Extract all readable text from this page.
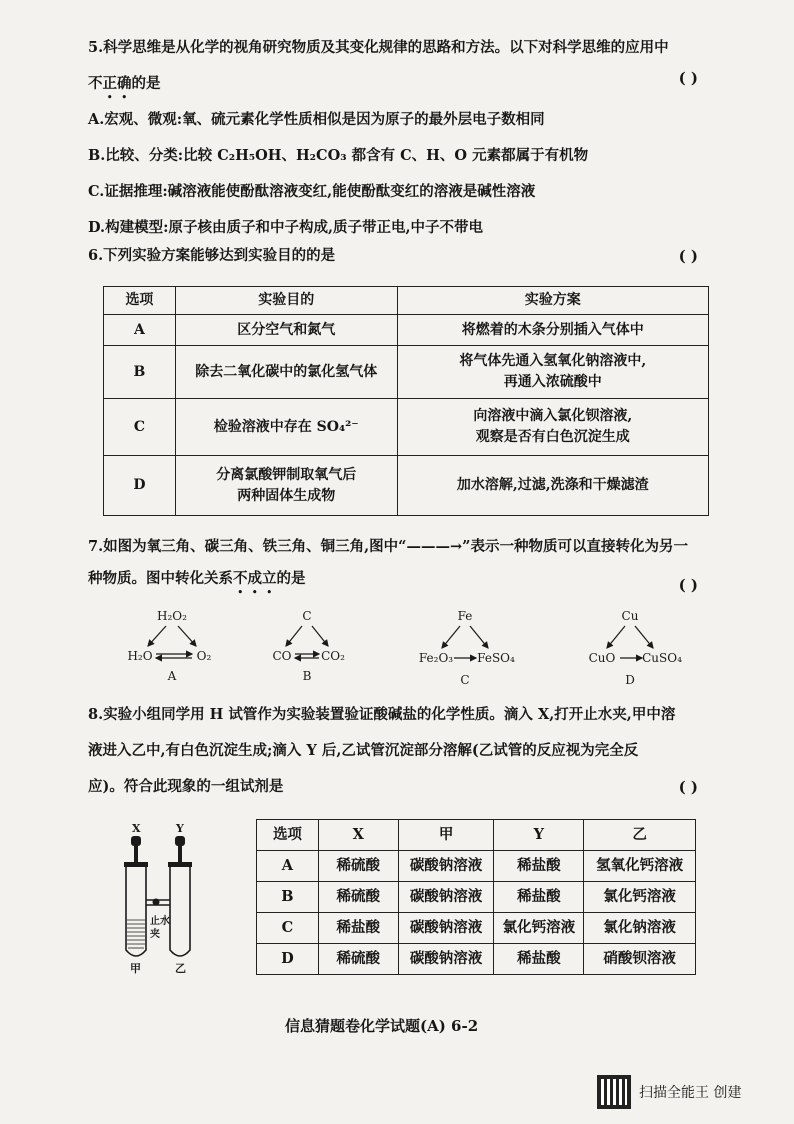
5.科学思维是从化学的视角研究物质及其变化规律的思路和方法。以下对科学思维的应用中
不正确的是	( )
A.宏观、微观:氧、硫元素化学性质相似是因为原子的最外层电子数相同
B.比较、分类:比较 C₂H₅OH、H₂CO₃ 都含有 C、H、O 元素都属于有机物
C.证据推理:碱溶液能使酚酞溶液变红,能使酚酞变红的溶液是碱性溶液
D.构建模型:原子核由质子和中子构成,质子带正电,中子不带电
6.下列实验方案能够达到实验目的的是	( )
选项	实验目的	实验方案
A	区分空气和氮气	将燃着的木条分别插入气体中
B	除去二氧化碳中的氯化氢气体	将气体先通入氢氧化钠溶液中,
再通入浓硫酸中

C	检验溶液中存在 SO₄²⁻	向溶液中滴入氯化钡溶液,
观察是否有白色沉淀生成

D	分离氯酸钾制取氧气后
两种固体生成物	加水溶解,过滤,洗涤和干燥滤渣
7.如图为氧三角、碳三角、铁三角、铜三角,图中“———→”表示一种物质可以直接转化为另一
种物质。图中转化关系不成立的是	( )
H₂O₂
H₂O	O₂
A
C
CO CO₂
B
Fe
Fe₂O₃ FeSO₄
C
Cu
CuO CuSO₄
D
8.实验小组同学用 H 试管作为实验装置验证酸碱盐的化学性质。滴入 X,打开止水夹,甲中溶
液进入乙中,有白色沉淀生成;滴入 Y 后,乙试管沉淀部分溶解(乙试管的反应视为完全反
应)。符合此现象的一组试剂是	( )
X	Y
止水
夹
甲	乙
选项	X	甲	Y	乙
A	稀硫酸	碳酸钠溶液	稀盐酸	氢氧化钙溶液
B	稀硫酸	碳酸钠溶液	稀盐酸	氯化钙溶液
C	稀盐酸	碳酸钠溶液	氯化钙溶液	氯化钠溶液
D	稀硫酸	碳酸钠溶液	稀盐酸	硝酸钡溶液
信息猜题卷化学试题(A) 6-2
扫描全能王 创建
